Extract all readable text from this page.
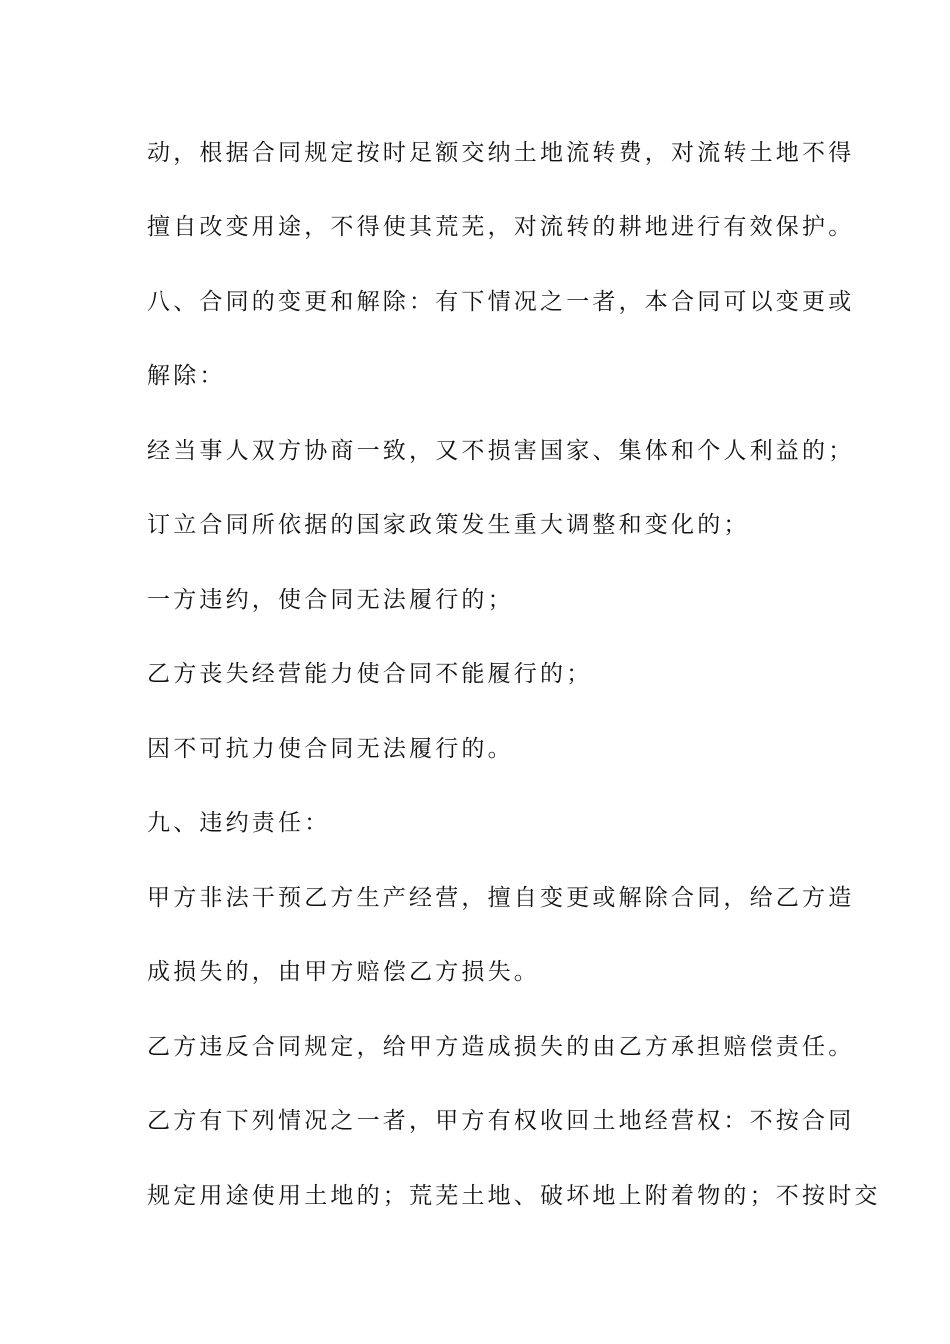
动，根据合同规定按时足额交纳土地流转费，对流转土地不得

擅自改变用途，不得使其荒芜，对流转的耕地进行有效保护。

八、合同的变更和解除：有下情况之一者，本合同可以变更或

解除：

经当事人双方协商一致，又不损害国家、集体和个人利益的；

订立合同所依据的国家政策发生重大调整和变化的；

一方违约，使合同无法履行的；

乙方丧失经营能力使合同不能履行的；

因不可抗力使合同无法履行的。

九、违约责任：

甲方非法干预乙方生产经营，擅自变更或解除合同，给乙方造

成损失的，由甲方赔偿乙方损失。

乙方违反合同规定，给甲方造成损失的由乙方承担赔偿责任。

乙方有下列情况之一者，甲方有权收回土地经营权：不按合同

规定用途使用土地的；荒芜土地、破坏地上附着物的；不按时交
